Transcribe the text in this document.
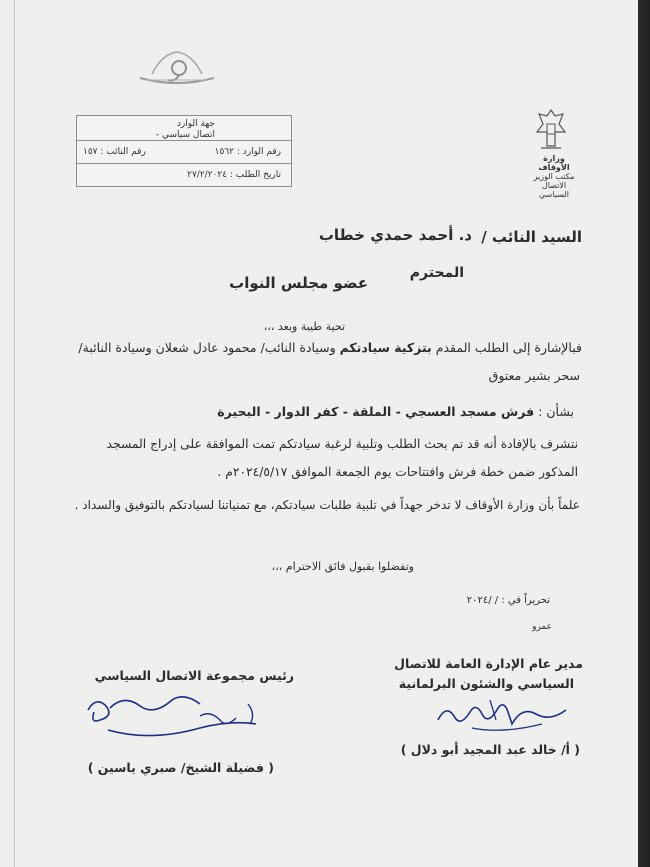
وزارة الأوقاف
مكتب الوزير
الاتصال السياسي
جهة الوارد
اتصال سياسي -
رقم الوارد : ١٥٦٢
رقم النائب : ١٥٧
تاريخ الطلب : ٢٧/٢/٢٠٢٤
السيد النائب /
د. أحمد حمدي خطاب
المحترم
عضو مجلس النواب
تحية طيبة وبعد ،،،
فبالإشارة إلى الطلب المقدم بتزكية سيادتكم وسيادة النائب/ محمود عادل شعلان وسيادة النائبة/
سحر بشير معتوق
بشأن : فرش مسجد العسجي - الملقة - كفر الدوار - البحيرة
نتشرف بالإفادة أنه قد تم بحث الطلب وتلبية لرغبة سيادتكم تمت الموافقة على إدراج المسجد
المذكور ضمن خطة فرش وافتتاحات يوم الجمعة الموافق ٢٠٢٤/٥/١٧م .
علماً بأن وزارة الأوقاف لا تدخر جهداً في تلبية طلبات سيادتكم، مع تمنياتنا لسيادتكم بالتوفيق والسداد .
وتفضلوا بقبول فائق الاحترام ،،،
تحريراً في : / /٢٠٢٤
عمرو
مدير عام الإدارة العامة للاتصال
السياسي والشئون البرلمانية
( أ/ خالد عبد المجيد أبو دلال )
رئيس مجموعة الاتصال السياسي
( فضيلة الشيخ/ صبري ياسين )
